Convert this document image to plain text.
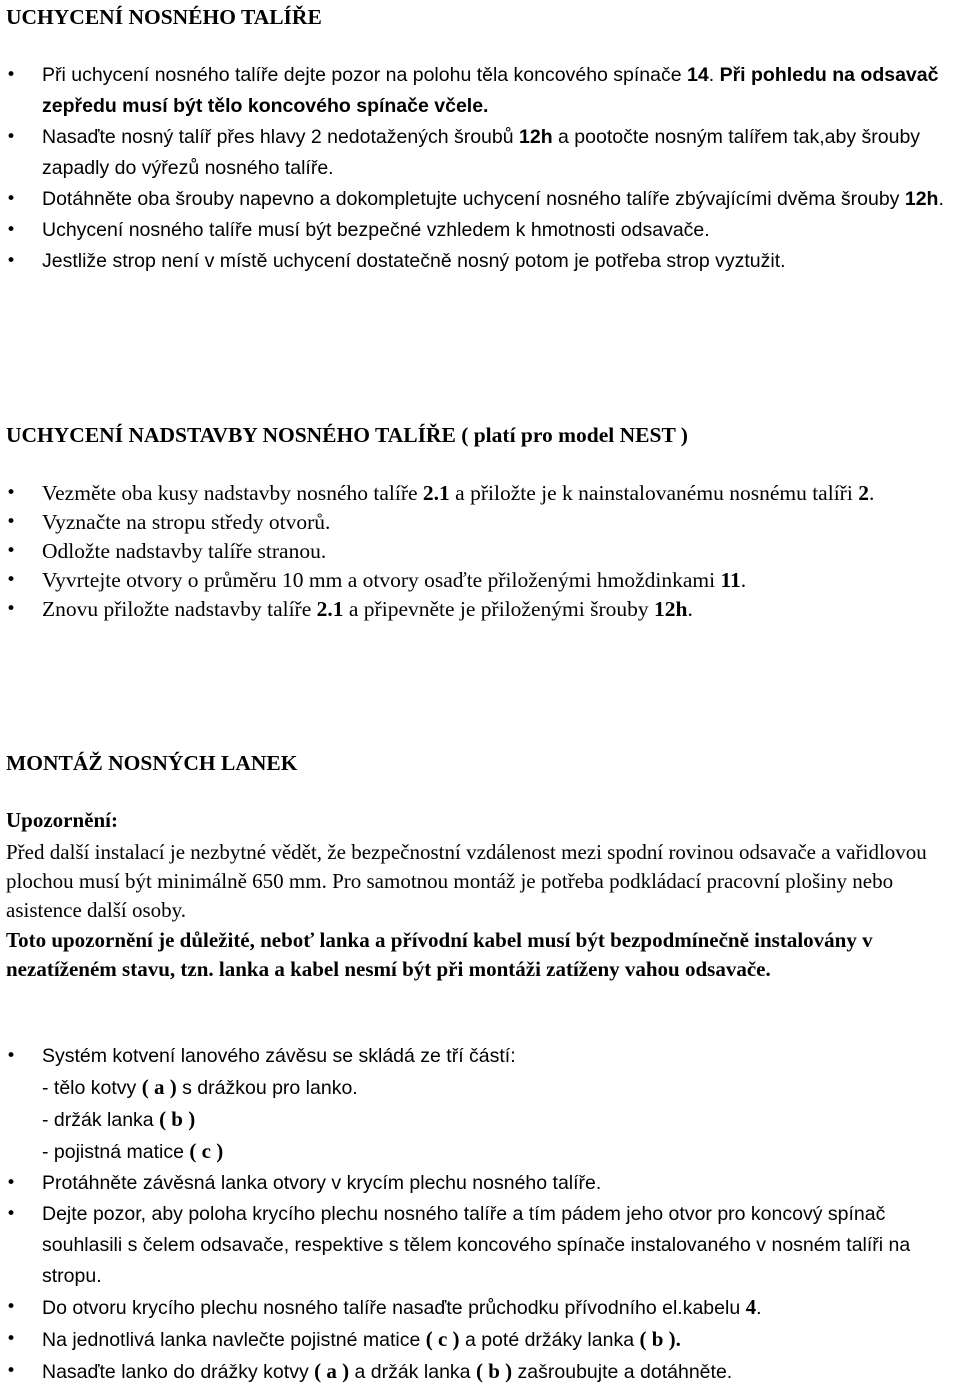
UCHYCENÍ NOSNÉHO TALÍŘE
•	Při uchycení nosného talíře dejte pozor na polohu těla koncového spínače 14. Při pohledu na odsavač zepředu musí být tělo koncového spínače včele.
•	Nasaďte nosný talíř přes hlavy 2 nedotažených šroubů 12h a pootočte nosným talířem tak,aby šrouby zapadly do výřezů nosného talíře.
•	Dotáhněte oba šrouby napevno a dokompletujte uchycení nosného talíře zbývajícími dvěma šrouby 12h.
•	Uchycení nosného talíře musí být bezpečné vzhledem k hmotnosti odsavače.
•	Jestliže strop není v místě uchycení dostatečně nosný potom je potřeba strop vyztužit.
UCHYCENÍ NADSTAVBY NOSNÉHO TALÍŘE ( platí pro model NEST )
•	Vezměte oba kusy nadstavby nosného talíře 2.1 a přiložte je k nainstalovanému nosnému talíři 2.
•	Vyznačte na stropu středy otvorů.
•	Odložte nadstavby talíře stranou.
•	Vyvrtejte otvory o průměru 10 mm a otvory osaďte přiloženými hmoždinkami 11.
•	Znovu přiložte nadstavby talíře 2.1 a připevněte je přiloženými šrouby 12h.
MONTÁŽ NOSNÝCH LANEK
Upozornění:
Před další instalací je nezbytné vědět, že bezpečnostní vzdálenost mezi spodní rovinou odsavače a vařidlovou plochou musí být minimálně 650 mm. Pro samotnou montáž je potřeba podkládací pracovní plošiny nebo asistence další osoby.
Toto upozornění je důležité, neboť lanka a přívodní kabel musí být bezpodmínečně instalovány v nezatíženém stavu, tzn. lanka a kabel nesmí být při montáži zatíženy vahou odsavače.
•	Systém kotvení lanového závěsu se skládá ze tří částí:
- tělo kotvy ( a ) s drážkou pro lanko.
- držák lanka ( b )
- pojistná matice ( c )
•	Protáhněte závěsná lanka otvory v krycím plechu nosného talíře.
•	Dejte pozor, aby poloha krycího plechu nosného talíře a tím pádem jeho otvor pro koncový spínač souhlasili s čelem odsavače, respektive s tělem koncového spínače instalovaného v nosném talíři na stropu.
•	Do otvoru krycího plechu nosného talíře nasaďte průchodku přívodního el.kabelu 4.
•	Na jednotlivá lanka navlečte pojistné matice ( c ) a poté držáky lanka ( b ).
•	Nasaďte lanko do drážky kotvy ( a ) a držák lanka ( b ) zašroubujte a dotáhněte.
